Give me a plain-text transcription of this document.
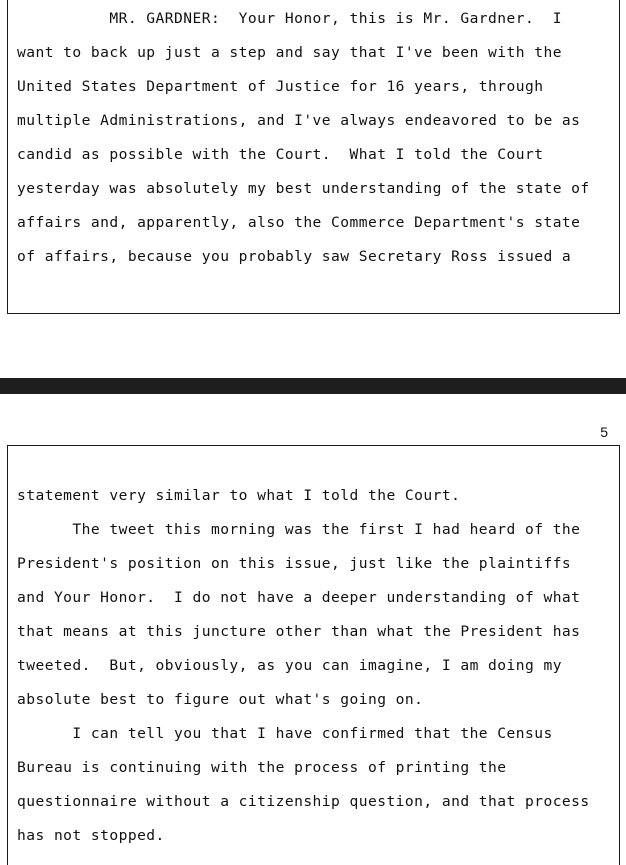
MR. GARDNER:  Your Honor, this is Mr. Gardner.  I
want to back up just a step and say that I've been with the
United States Department of Justice for 16 years, through
multiple Administrations, and I've always endeavored to be as
candid as possible with the Court.  What I told the Court
yesterday was absolutely my best understanding of the state of
affairs and, apparently, also the Commerce Department's state
of affairs, because you probably saw Secretary Ross issued a
5
statement very similar to what I told the Court.
The tweet this morning was the first I had heard of the
President's position on this issue, just like the plaintiffs
and Your Honor.  I do not have a deeper understanding of what
that means at this juncture other than what the President has
tweeted.  But, obviously, as you can imagine, I am doing my
absolute best to figure out what's going on.
I can tell you that I have confirmed that the Census
Bureau is continuing with the process of printing the
questionnaire without a citizenship question, and that process
has not stopped.
